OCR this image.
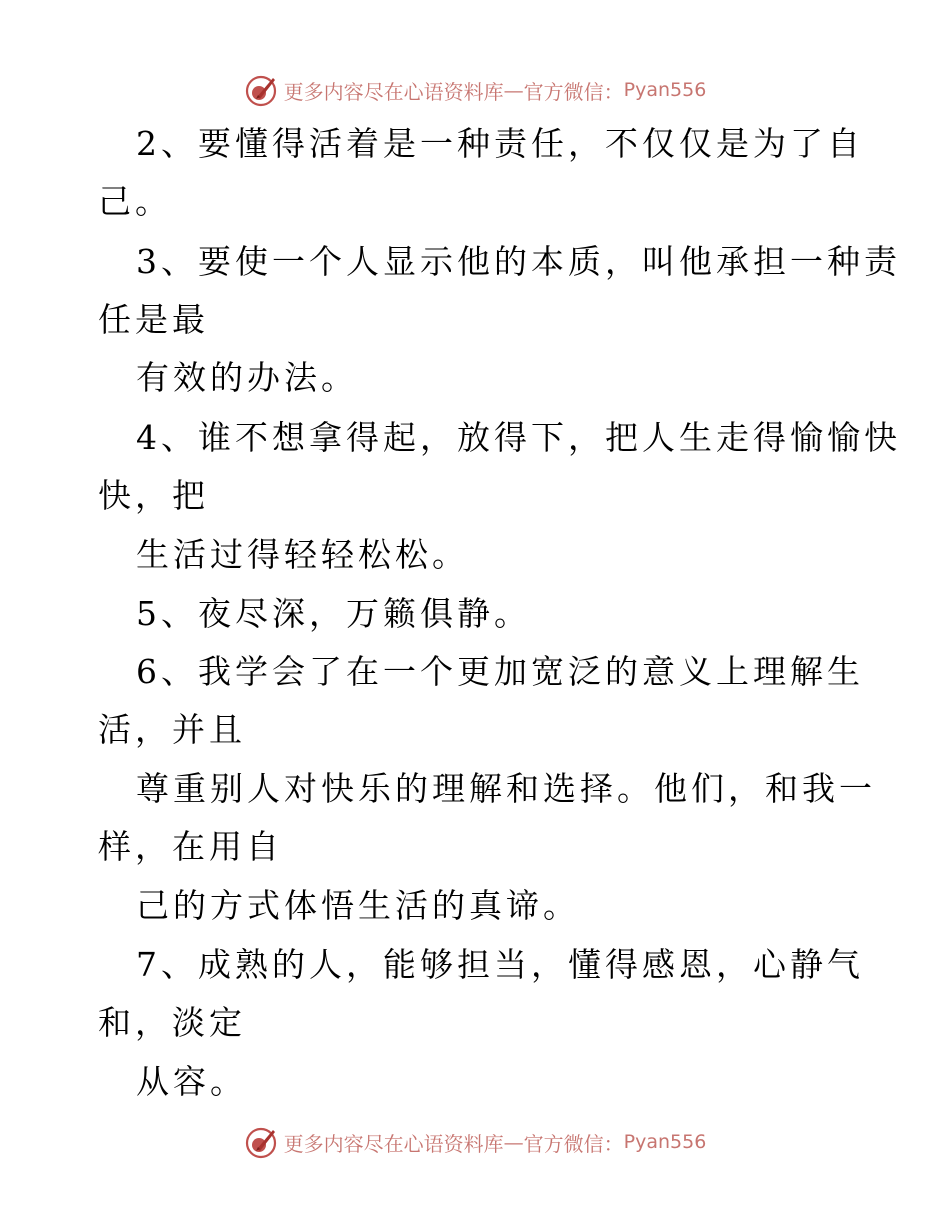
更多内容尽在心语资料库 — 官方微信： Pyan556
2、要懂得活着是一种责任，不仅仅是为了自
己。
3、要使一个人显示他的本质，叫他承担一种责
任是最
有效的办法。
4、谁不想拿得起，放得下，把人生走得愉愉快
快，把
生活过得轻轻松松。
5、夜尽深，万籁俱静。
6、我学会了在一个更加宽泛的意义上理解生
活，并且
尊重别人对快乐的理解和选择。他们，和我一
样，在用自
己的方式体悟生活的真谛。
7、成熟的人，能够担当，懂得感恩，心静气
和，淡定
从容。
更多内容尽在心语资料库 — 官方微信： Pyan556
